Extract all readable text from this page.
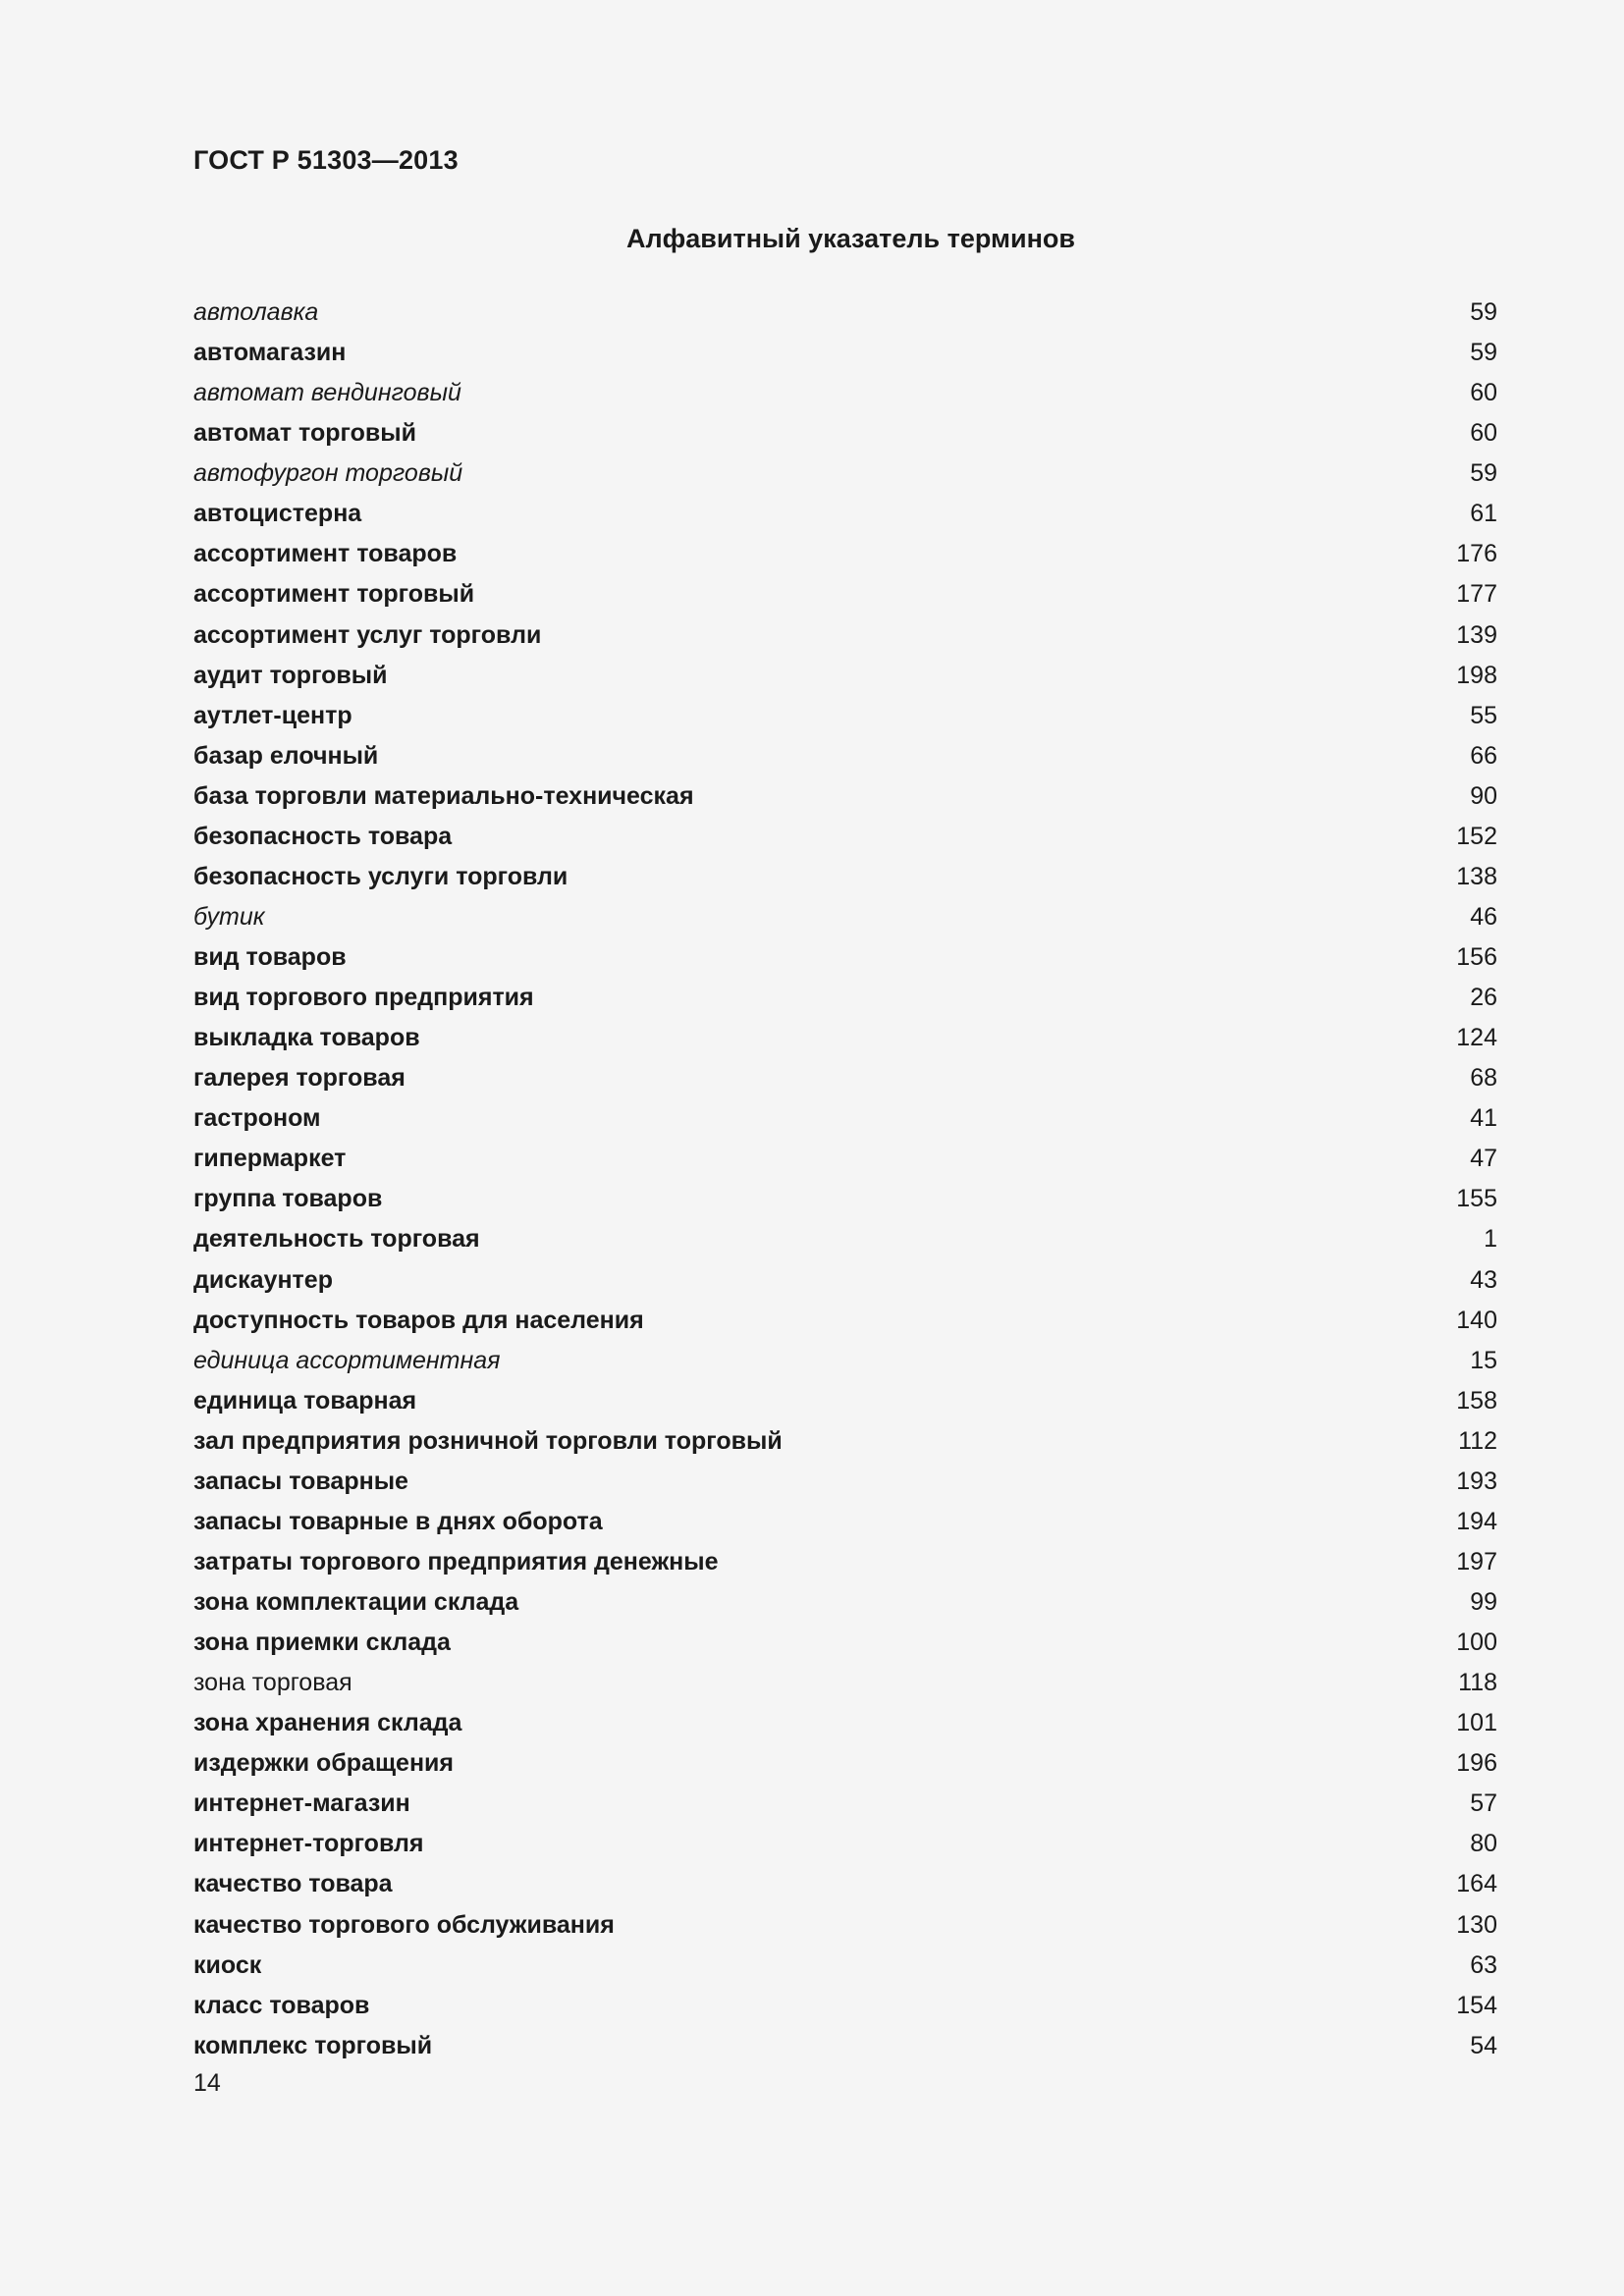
ГОСТ Р 51303—2013
Алфавитный указатель терминов
автолавка	59
автомагазин	59
автомат вендинговый	60
автомат торговый	60
автофургон торговый	59
автоцистерна	61
ассортимент товаров	176
ассортимент торговый	177
ассортимент услуг торговли	139
аудит торговый	198
аутлет-центр	55
базар елочный	66
база торговли материально-техническая	90
безопасность товара	152
безопасность услуги торговли	138
бутик	46
вид товаров	156
вид торгового предприятия	26
выкладка товаров	124
галерея торговая	68
гастроном	41
гипермаркет	47
группа товаров	155
деятельность торговая	1
дискаунтер	43
доступность товаров для населения	140
единица ассортиментная	15
единица товарная	158
зал предприятия розничной торговли торговый	112
запасы товарные	193
запасы товарные в днях оборота	194
затраты торгового предприятия денежные	197
зона комплектации склада	99
зона приемки склада	100
зона торговая	118
зона хранения склада	101
издержки обращения	196
интернет-магазин	57
интернет-торговля	80
качество товара	164
качество торгового обслуживания	130
киоск	63
класс товаров	154
комплекс торговый	54
14
